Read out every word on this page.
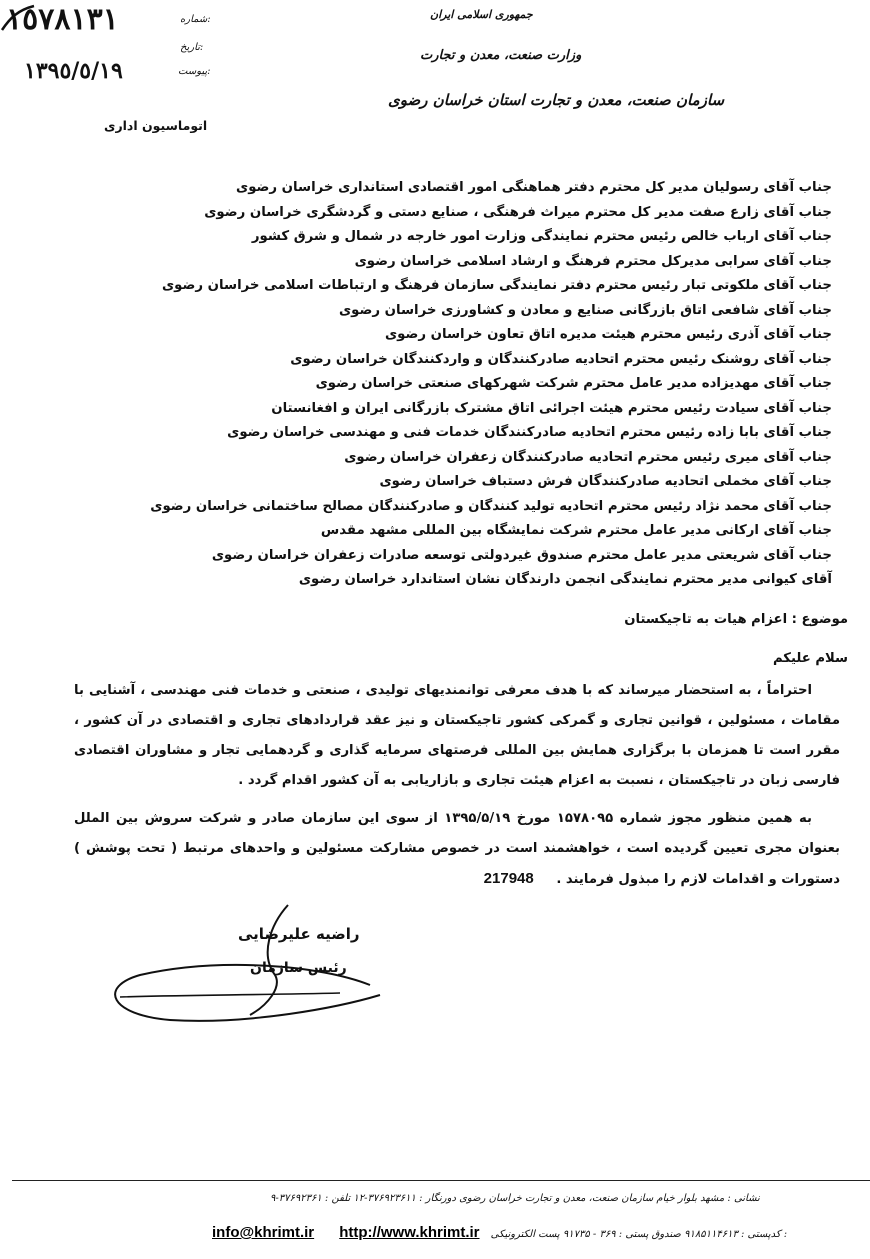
١٥٧٨١٣١
١٣٩٥/٥/١٩
شماره:
تاریخ:
پیوست:
اتوماسیون اداری
جمهوری اسلامی ایران
وزارت صنعت، معدن و تجارت
سازمان صنعت، معدن و تجارت استان خراسان رضوی
جناب آقای رسولیان مدیر کل محترم دفتر هماهنگی امور اقتصادی استانداری خراسان رضوی
جناب آقای زارع صفت مدیر کل محترم میراث فرهنگی ، صنایع دستی و گردشگری خراسان رضوی
جناب آقای ارباب خالص رئیس محترم نمایندگی وزارت امور خارجه در شمال و شرق کشور
جناب آقای سرابی مدیرکل محترم فرهنگ و ارشاد اسلامی خراسان رضوی
جناب آقای ملکوتی تبار رئیس محترم دفتر نمایندگی سازمان فرهنگ و ارتباطات اسلامی خراسان رضوی
جناب آقای شافعی اتاق بازرگانی صنایع و معادن و کشاورزی خراسان رضوی
جناب آقای آذری رئیس محترم هیئت مدیره اتاق تعاون خراسان رضوی
جناب آقای روشنک رئیس محترم اتحادیه صادرکنندگان و واردکنندگان خراسان رضوی
جناب آقای مهدیزاده مدیر عامل محترم شرکت شهرکهای صنعتی خراسان رضوی
جناب آقای سیادت رئیس محترم هیئت اجرائی اتاق مشترک بازرگانی ایران و افغانستان
جناب آقای بابا زاده رئیس محترم اتحادیه صادرکنندگان خدمات فنی و مهندسی خراسان رضوی
جناب آقای میری رئیس محترم اتحادیه صادرکنندگان زعفران خراسان رضوی
جناب آقای مخملی اتحادیه صادرکنندگان فرش دستباف خراسان رضوی
جناب آقای محمد نژاد رئیس محترم اتحادیه تولید کنندگان و صادرکنندگان مصالح ساختمانی خراسان رضوی
جناب آقای ارکانی مدیر عامل محترم شرکت نمایشگاه بین المللی مشهد مقدس
جناب آقای شریعتی مدیر عامل محترم صندوق غیردولتی توسعه صادرات زعفران خراسان رضوی
آقای کیوانی مدیر محترم نمایندگی انجمن دارندگان نشان استاندارد خراسان رضوی
موضوع : اعزام هیات به تاجیکستان
سلام علیکم

احتراماً ، به استحضار میرساند که با هدف معرفی توانمندیهای تولیدی ، صنعتی و خدمات فنی مهندسی ، آشنایی با مقامات ، مسئولین ، قوانین تجاری و گمرکی کشور تاجیکستان و نیز عقد قراردادهای تجاری و اقتصادی در آن کشور ، مقرر است تا همزمان با برگزاری همایش بین المللی فرصتهای سرمایه گذاری و گردهمایی تجار و مشاوران اقتصادی فارسی زبان در تاجیکستان ، نسبت به اعزام هیئت تجاری و بازاریابی به آن کشور اقدام گردد .

به همین منظور مجوز شماره ۱۵۷۸۰۹۵ مورخ ۱۳۹۵/۵/۱۹ از سوی این سازمان صادر و شرکت سروش بین الملل بعنوان مجری تعیین گردیده است ، خواهشمند است در خصوص مشارکت مسئولین و واحدهای مرتبط ( تحت پوشش ) دستورات و اقدامات لازم را مبذول فرمایند . 217948

راضیه علیرضایی
رئیس سازمان
نشانی : مشهد بلوار خیام سازمان صنعت، معدن و تجارت خراسان رضوی دورنگار : ۳۷۶۹۲۳۶۱۱-۱۲ تلفن : ۳۷۶۹۲۳۶۱-۹
info@khrimt.ir http://www.khrimt.ir کدپستی : ۹۱۸۵۱۱۴۶۱۳ صندوق پستی : ۳۶۹ - ۹۱۷۳۵ پست الکترونیکی :
